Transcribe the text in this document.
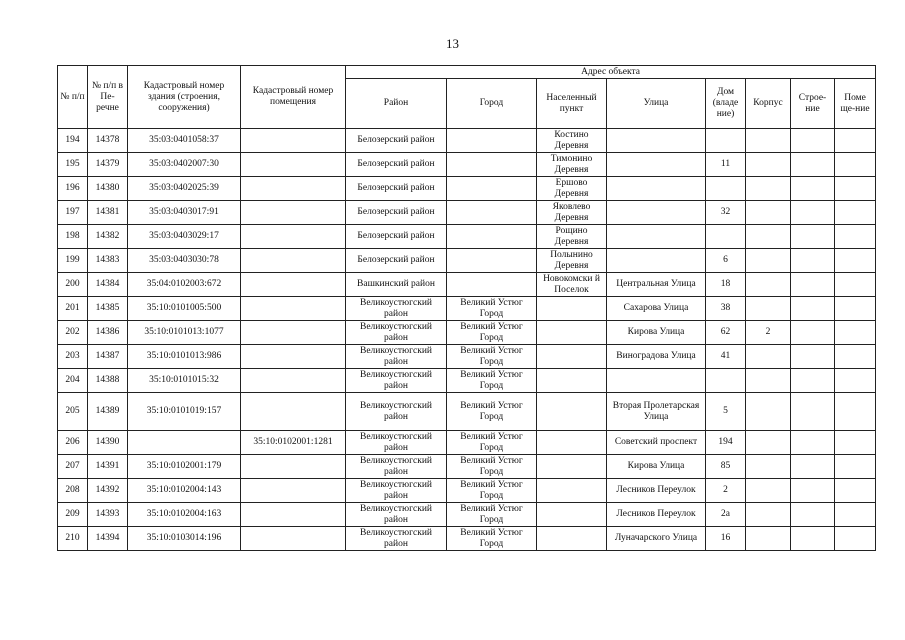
13
№ п/п	№ п/п в Пе-речне	Кадастровый номер здания (строения, сооружения)	Кадастровый номер помещения	Адрес объекта							
				Район	Город	Населенный пункт	Улица	Дом (владе ние)	Корпус	Строе-ние	Поме ще-ние
194	14378	35:03:0401058:37		Белозерский район		Костино Деревня					
195	14379	35:03:0402007:30		Белозерский район		Тимонино Деревня		11			
196	14380	35:03:0402025:39		Белозерский район		Ершово Деревня					
197	14381	35:03:0403017:91		Белозерский район		Яковлево Деревня		32			
198	14382	35:03:0403029:17		Белозерский район		Рощино Деревня					
199	14383	35:03:0403030:78		Белозерский район		Полынино Деревня		6			
200	14384	35:04:0102003:672		Вашкинский район		Новокомски й Поселок	Центральная Улица	18			
201	14385	35:10:0101005:500		Великоустюгский район	Великий Устюг Город		Сахарова Улица	38			
202	14386	35:10:0101013:1077		Великоустюгский район	Великий Устюг Город		Кирова Улица	62	2		
203	14387	35:10:0101013:986		Великоустюгский район	Великий Устюг Город		Виноградова Улица	41			
204	14388	35:10:0101015:32		Великоустюгский район	Великий Устюг Город						
205	14389	35:10:0101019:157		Великоустюгский район	Великий Устюг Город		Вторая Пролетарская Улица	5			
206	14390		35:10:0102001:1281	Великоустюгский район	Великий Устюг Город		Советский проспект	194			
207	14391	35:10:0102001:179		Великоустюгский район	Великий Устюг Город		Кирова Улица	85			
208	14392	35:10:0102004:143		Великоустюгский район	Великий Устюг Город		Лесников Переулок	2			
209	14393	35:10:0102004:163		Великоустюгский район	Великий Устюг Город		Лесников Переулок	2а			
210	14394	35:10:0103014:196		Великоустюгский район	Великий Устюг Город		Луначарского Улица	16			
